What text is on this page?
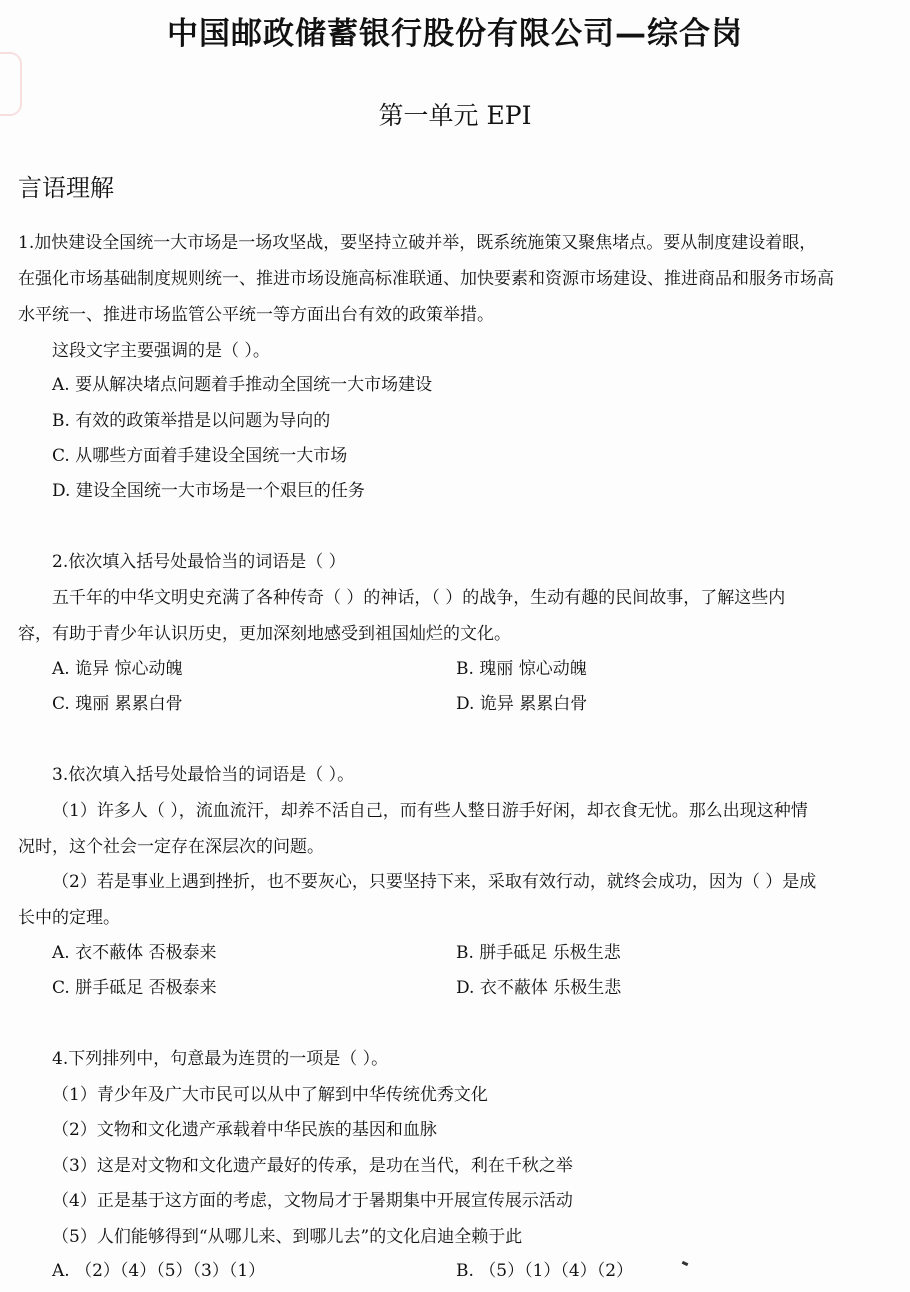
中国邮政储蓄银行股份有限公司—综合岗
第一单元 EPI
言语理解
1.加快建设全国统一大市场是一场攻坚战，要坚持立破并举，既系统施策又聚焦堵点。要从制度建设着眼，
在强化市场基础制度规则统一、推进市场设施高标准联通、加快要素和资源市场建设、推进商品和服务市场高
水平统一、推进市场监管公平统一等方面出台有效的政策举措。
这段文字主要强调的是（ ）。
A. 要从解决堵点问题着手推动全国统一大市场建设
B. 有效的政策举措是以问题为导向的
C. 从哪些方面着手建设全国统一大市场
D. 建设全国统一大市场是一个艰巨的任务
2.依次填入括号处最恰当的词语是（ ）
五千年的中华文明史充满了各种传奇（ ）的神话，（ ）的战争，生动有趣的民间故事，了解这些内
容，有助于青少年认识历史，更加深刻地感受到祖国灿烂的文化。
A. 诡异 惊心动魄	B. 瑰丽 惊心动魄
C. 瑰丽 累累白骨	D. 诡异 累累白骨
3.依次填入括号处最恰当的词语是（ ）。
（1）许多人（ ），流血流汗，却养不活自己，而有些人整日游手好闲，却衣食无忧。那么出现这种情
况时，这个社会一定存在深层次的问题。
（2）若是事业上遇到挫折，也不要灰心，只要坚持下来，采取有效行动，就终会成功，因为（ ）是成
长中的定理。
A. 衣不蔽体 否极泰来	B. 胼手砥足 乐极生悲
C. 胼手砥足 否极泰来	D. 衣不蔽体 乐极生悲
4.下列排列中，句意最为连贯的一项是（ ）。
（1）青少年及广大市民可以从中了解到中华传统优秀文化
（2）文物和文化遗产承载着中华民族的基因和血脉
（3）这是对文物和文化遗产最好的传承，是功在当代，利在千秋之举
（4）正是基于这方面的考虑，文物局才于暑期集中开展宣传展示活动
（5）人们能够得到“从哪儿来、到哪儿去”的文化启迪全赖于此
A. （2）（4）（5）（3）（1）	B. （5）（1）（4）（2）
